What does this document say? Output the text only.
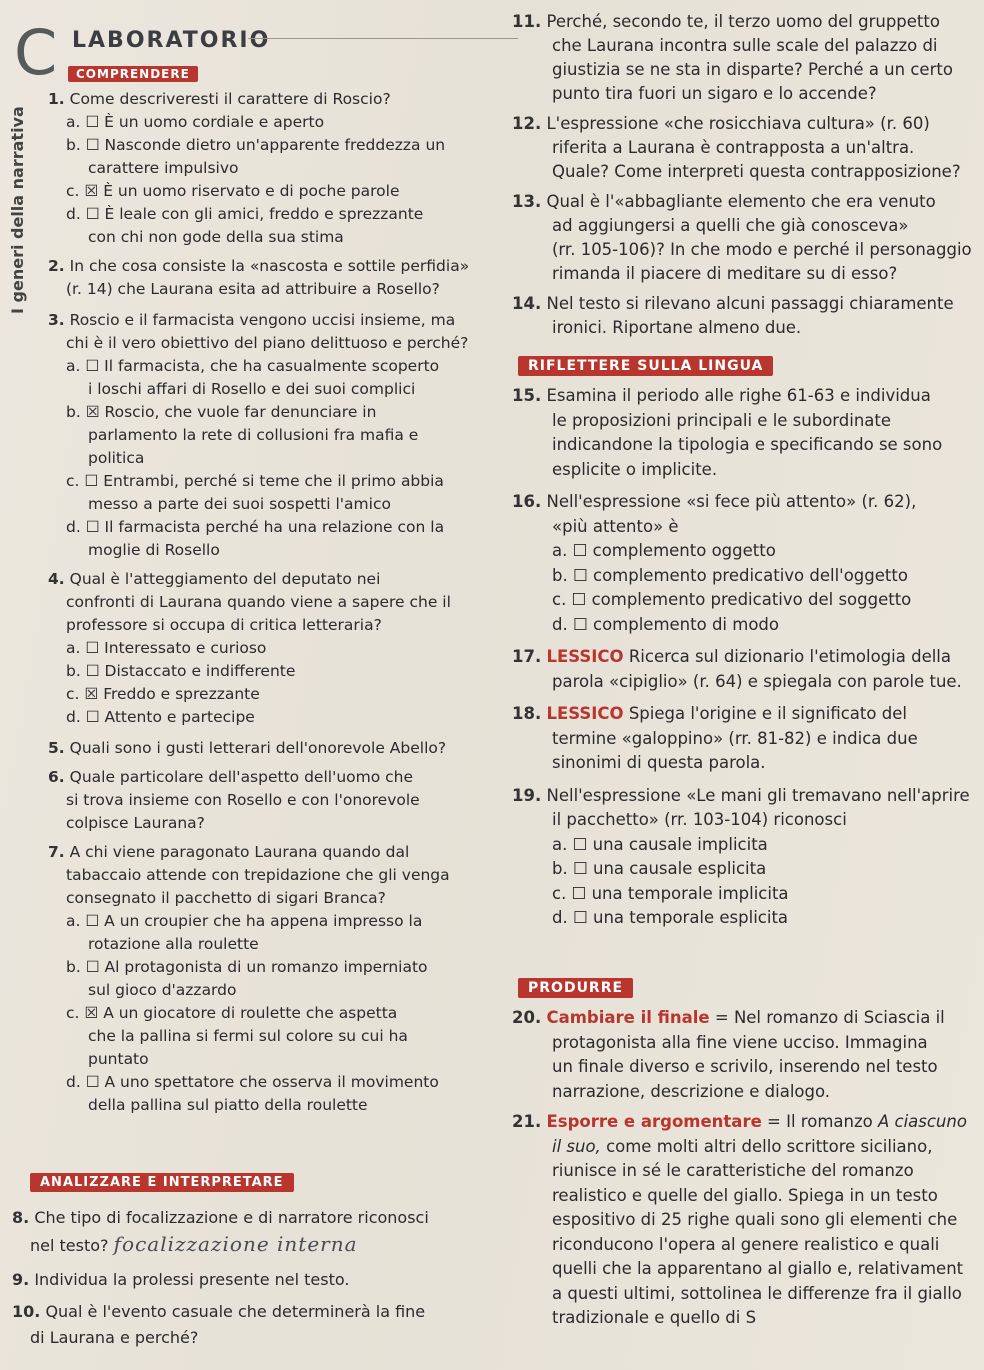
C LABORATORIO
I generi della narrativa
COMPRENDERE

1. Come descriveresti il carattere di Roscio?

a. ☐ È un uomo cordiale e aperto

b. ☐ Nasconde dietro un'apparente freddezza un

carattere impulsivo

c. ☒ È un uomo riservato e di poche parole

d. ☐ È leale con gli amici, freddo e sprezzante

con chi non gode della sua stima

2. In che cosa consiste la «nascosta e sottile perfidia»

(r. 14) che Laurana esita ad attribuire a Rosello?

3. Roscio e il farmacista vengono uccisi insieme, ma

chi è il vero obiettivo del piano delittuoso e perché?

a. ☐ Il farmacista, che ha casualmente scoperto

i loschi affari di Rosello e dei suoi complici

b. ☒ Roscio, che vuole far denunciare in

parlamento la rete di collusioni fra mafia e

politica

c. ☐ Entrambi, perché si teme che il primo abbia

messo a parte dei suoi sospetti l'amico

d. ☐ Il farmacista perché ha una relazione con la

moglie di Rosello

4. Qual è l'atteggiamento del deputato nei

confronti di Laurana quando viene a sapere che il

professore si occupa di critica letteraria?

a. ☐ Interessato e curioso

b. ☐ Distaccato e indifferente

c. ☒ Freddo e sprezzante

d. ☐ Attento e partecipe

5. Quali sono i gusti letterari dell'onorevole Abello?

6. Quale particolare dell'aspetto dell'uomo che

si trova insieme con Rosello e con l'onorevole

colpisce Laurana?

7. A chi viene paragonato Laurana quando dal

tabaccaio attende con trepidazione che gli venga

consegnato il pacchetto di sigari Branca?

a. ☐ A un croupier che ha appena impresso la

rotazione alla roulette

b. ☐ Al protagonista di un romanzo imperniato

sul gioco d'azzardo

c. ☒ A un giocatore di roulette che aspetta

che la pallina si fermi sul colore su cui ha

puntato

d. ☐ A uno spettatore che osserva il movimento

della pallina sul piatto della roulette

ANALIZZARE E INTERPRETARE

8. Che tipo di focalizzazione e di narratore riconosci

nel testo? focalizzazione interna

9. Individua la prolessi presente nel testo.

10. Qual è l'evento casuale che determinerà la fine

di Laurana e perché?

11. Perché, secondo te, il terzo uomo del gruppetto

che Laurana incontra sulle scale del palazzo di

giustizia se ne sta in disparte? Perché a un certo

punto tira fuori un sigaro e lo accende?

12. L'espressione «che rosicchiava cultura» (r. 60)

riferita a Laurana è contrapposta a un'altra.

Quale? Come interpreti questa contrapposizione?

13. Qual è l'«abbagliante elemento che era venuto

ad aggiungersi a quelli che già conosceva»

(rr. 105-106)? In che modo e perché il personaggio

rimanda il piacere di meditare su di esso?

14. Nel testo si rilevano alcuni passaggi chiaramente

ironici. Riportane almeno due.

RIFLETTERE SULLA LINGUA

15. Esamina il periodo alle righe 61-63 e individua

le proposizioni principali e le subordinate

indicandone la tipologia e specificando se sono

esplicite o implicite.

16. Nell'espressione «si fece più attento» (r. 62),

«più attento» è

a. ☐ complemento oggetto

b. ☐ complemento predicativo dell'oggetto

c. ☐ complemento predicativo del soggetto

d. ☐ complemento di modo

17. LESSICO Ricerca sul dizionario l'etimologia della

parola «cipiglio» (r. 64) e spiegala con parole tue.

18. LESSICO Spiega l'origine e il significato del

termine «galoppino» (rr. 81-82) e indica due

sinonimi di questa parola.

19. Nell'espressione «Le mani gli tremavano nell'aprire

il pacchetto» (rr. 103-104) riconosci

a. ☐ una causale implicita

b. ☐ una causale esplicita

c. ☐ una temporale implicita

d. ☐ una temporale esplicita

PRODURRE

20. Cambiare il finale = Nel romanzo di Sciascia il

protagonista alla fine viene ucciso. Immagina

un finale diverso e scrivilo, inserendo nel testo

narrazione, descrizione e dialogo.

21. Esporre e argomentare = Il romanzo A ciascuno

il suo, come molti altri dello scrittore siciliano,

riunisce in sé le caratteristiche del romanzo

realistico e quelle del giallo. Spiega in un testo

espositivo di 25 righe quali sono gli elementi che

riconducono l'opera al genere realistico e quali

quelli che la apparentano al giallo e, relativament

a questi ultimi, sottolinea le differenze fra il giallo

tradizionale e quello di S
